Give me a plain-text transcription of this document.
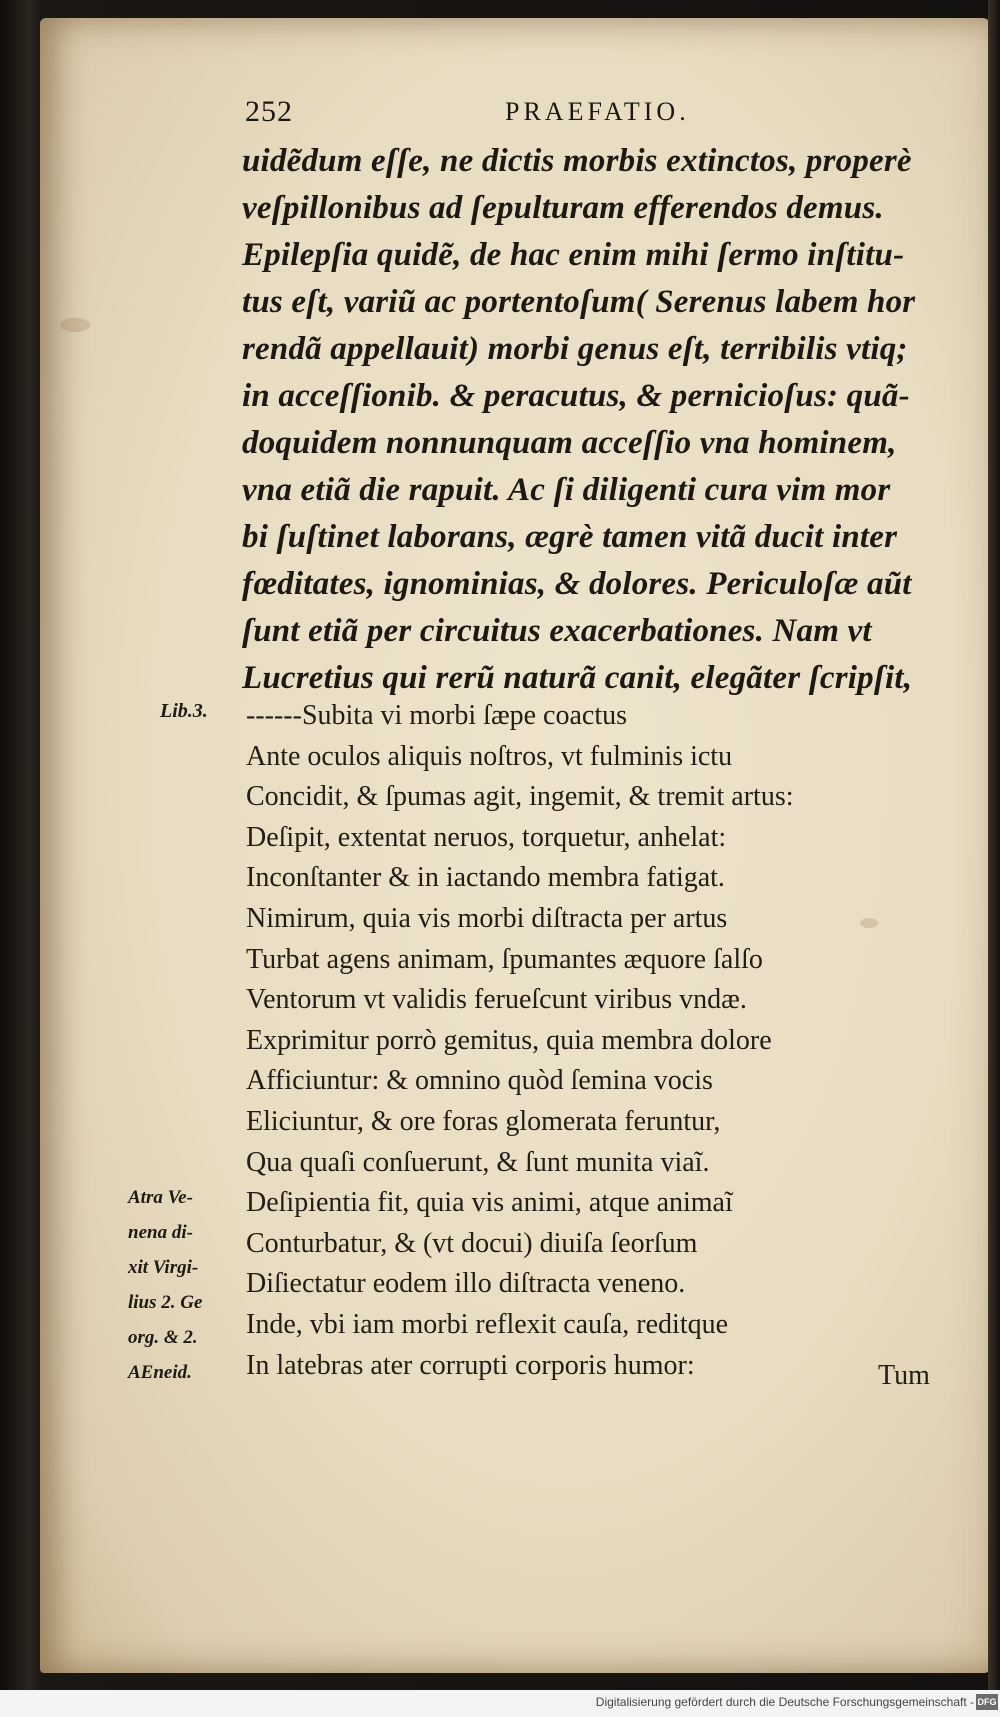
252	PRAEFATIO.
uidẽdum eſſe, ne dictis morbis extinctos, properè
veſpillonibus ad ſepulturam efferendos demus.
Epilepſia quidẽ, de hac enim mihi ſermo inſtitu-
tus eſt, variũ ac portentoſum( Serenus labem hor
rendã appellauit) morbi genus eſt, terribilis vtiq;
in acceſſionib. & peracutus, & pernicioſus: quã-
doquidem nonnunquam acceſſio vna hominem,
vna etiã die rapuit. Ac ſi diligenti cura vim mor
bi ſuſtinet laborans, ægrè tamen vitã ducit inter
fœditates, ignominias, & dolores. Periculoſæ aũt
ſunt etiã per circuitus exacerbationes. Nam vt
Lucretius qui rerũ naturã canit, elegãter ſcripſit,
Lib.3. ------Subita vi morbi ſæpe coactus
Ante oculos aliquis noſtros, vt fulminis ictu
Concidit, & ſpumas agit, ingemit, & tremit artus:
Deſipit, extentat neruos, torquetur, anhelat:
Inconſtanter & in iactando membra fatigat.
Nimirum, quia vis morbi diſtracta per artus
Turbat agens animam, ſpumantes æquore ſalſo
Ventorum vt validis ferueſcunt viribus vndæ.
Exprimitur porrò gemitus, quia membra dolore
Afficiuntur: & omnino quòd ſemina vocis
Eliciuntur, & ore foras glomerata feruntur,
Qua quaſi conſuerunt, & ſunt munita viaĩ.
Deſipientia fit, quia vis animi, atque animaĩ
Conturbatur, & (vt docui) diuiſa ſeorſum
Diſiectatur eodem illo diſtracta veneno.
Inde, vbi iam morbi reflexit cauſa, reditque
In latebras ater corrupti corporis humor:
Atra Ve-
nena di-
xit Virgi-
lius 2. Ge
org. & 2.
AEneid.	Tum
Digitalisierung gefördert durch die Deutsche Forschungsgemeinschaft - DFG
